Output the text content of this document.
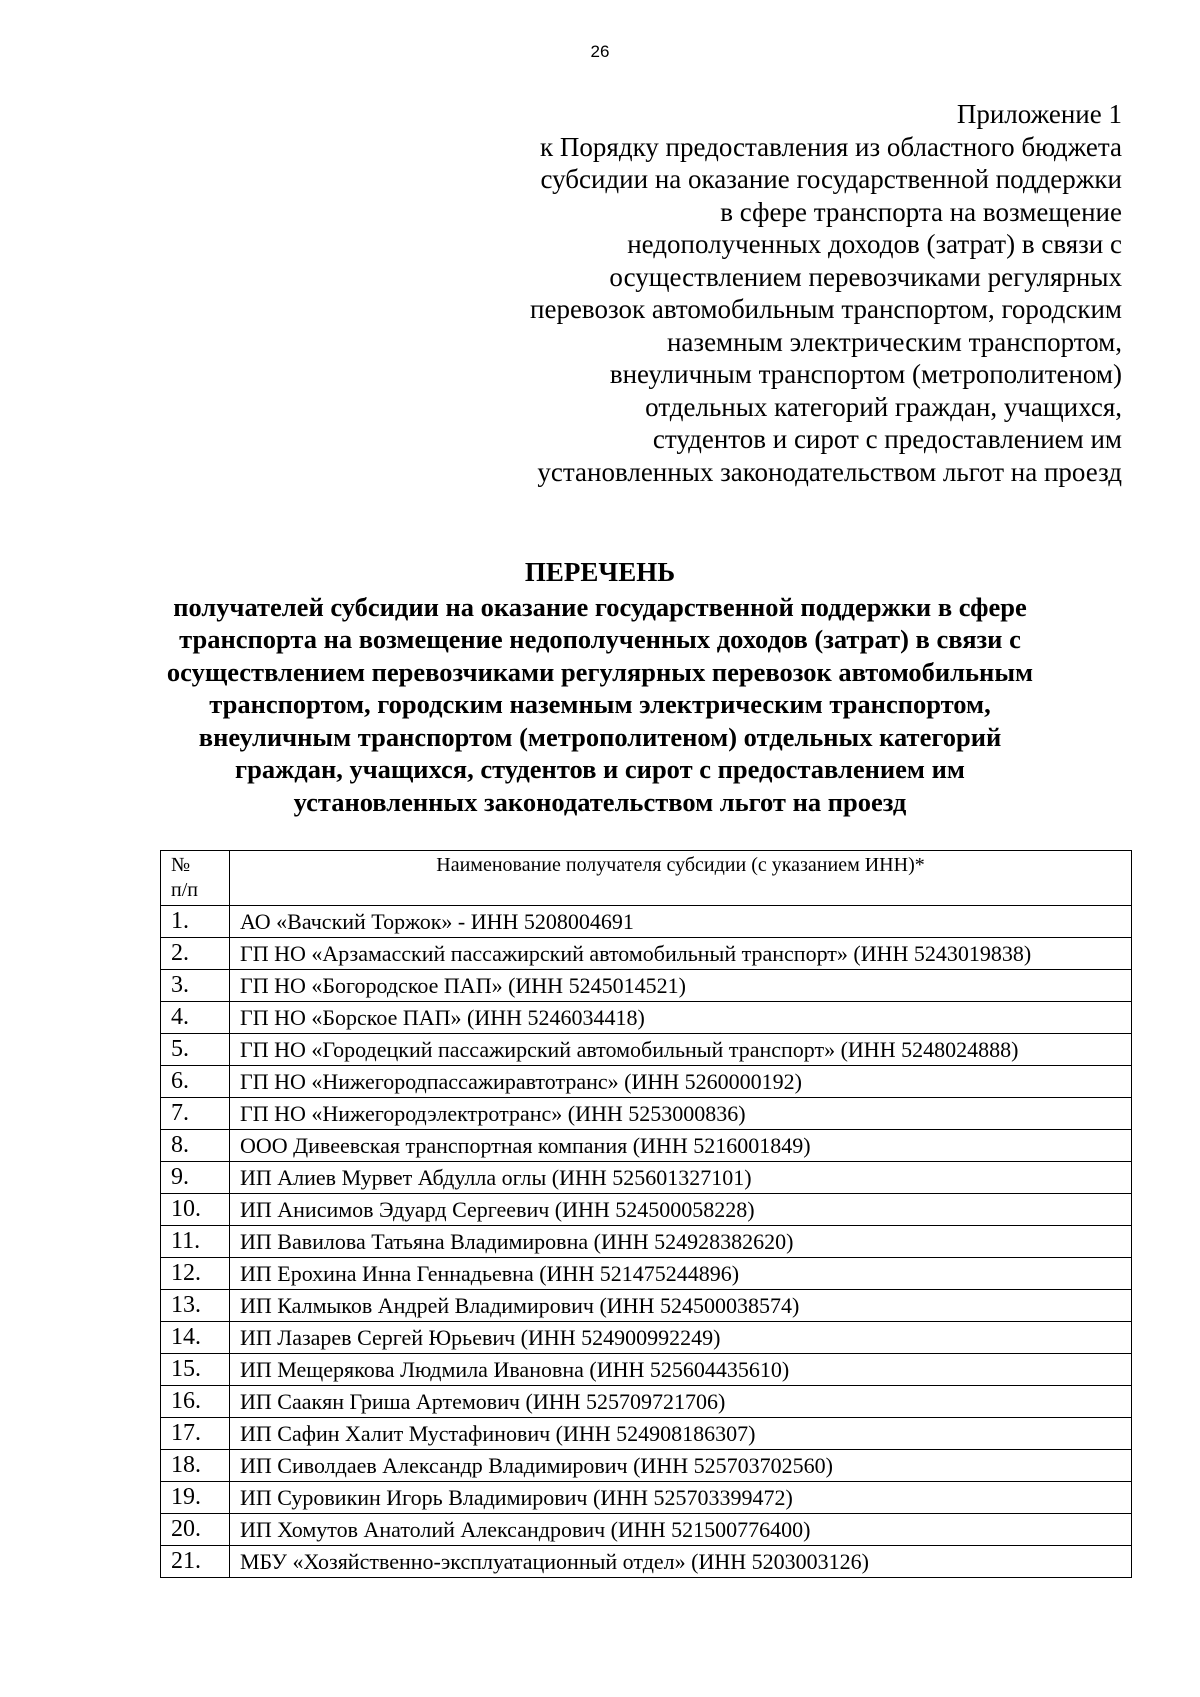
26
Приложение 1
к Порядку предоставления из областного бюджета
субсидии на оказание государственной поддержки
в сфере транспорта на возмещение
недополученных доходов (затрат) в связи с
осуществлением перевозчиками регулярных
перевозок автомобильным транспортом, городским
наземным электрическим транспортом,
внеуличным транспортом (метрополитеном)
отдельных категорий граждан, учащихся,
студентов и сирот с предоставлением им
установленных законодательством льгот на проезд
ПЕРЕЧЕНЬ
получателей субсидии на оказание государственной поддержки в сфере
транспорта на возмещение недополученных доходов (затрат) в связи с
осуществлением перевозчиками регулярных перевозок автомобильным
транспортом, городским наземным электрическим транспортом,
внеуличным транспортом (метрополитеном) отдельных категорий
граждан, учащихся, студентов и сирот с предоставлением им
установленных законодательством льгот на проезд
№
п/п	Наименование получателя субсидии (с указанием ИНН)*
1.	АО «Вачский Торжок» - ИНН 5208004691
2.	ГП НО «Арзамасский пассажирский автомобильный транспорт» (ИНН 5243019838)
3.	ГП НО «Богородское ПАП» (ИНН 5245014521)
4.	ГП НО «Борское ПАП» (ИНН 5246034418)
5.	ГП НО «Городецкий пассажирский автомобильный транспорт» (ИНН 5248024888)
6.	ГП НО «Нижегородпассажиравтотранс» (ИНН 5260000192)
7.	ГП НО «Нижегородэлектротранс» (ИНН 5253000836)
8.	ООО Дивеевская транспортная компания (ИНН 5216001849)
9.	ИП Алиев Мурвет Абдулла оглы (ИНН 525601327101)
10.	ИП Анисимов Эдуард Сергеевич (ИНН 524500058228)
11.	ИП Вавилова Татьяна Владимировна (ИНН 524928382620)
12.	ИП Ерохина Инна Геннадьевна (ИНН 521475244896)
13.	ИП Калмыков Андрей Владимирович (ИНН 524500038574)
14.	ИП Лазарев Сергей Юрьевич (ИНН 524900992249)
15.	ИП Мещерякова Людмила Ивановна (ИНН 525604435610)
16.	ИП Саакян Гриша Артемович (ИНН 525709721706)
17.	ИП Сафин Халит Мустафинович (ИНН 524908186307)
18.	ИП Сиволдаев Александр Владимирович (ИНН 525703702560)
19.	ИП Суровикин Игорь Владимирович (ИНН 525703399472)
20.	ИП Хомутов Анатолий Александрович (ИНН 521500776400)
21.	МБУ «Хозяйственно-эксплуатационный отдел» (ИНН 5203003126)
